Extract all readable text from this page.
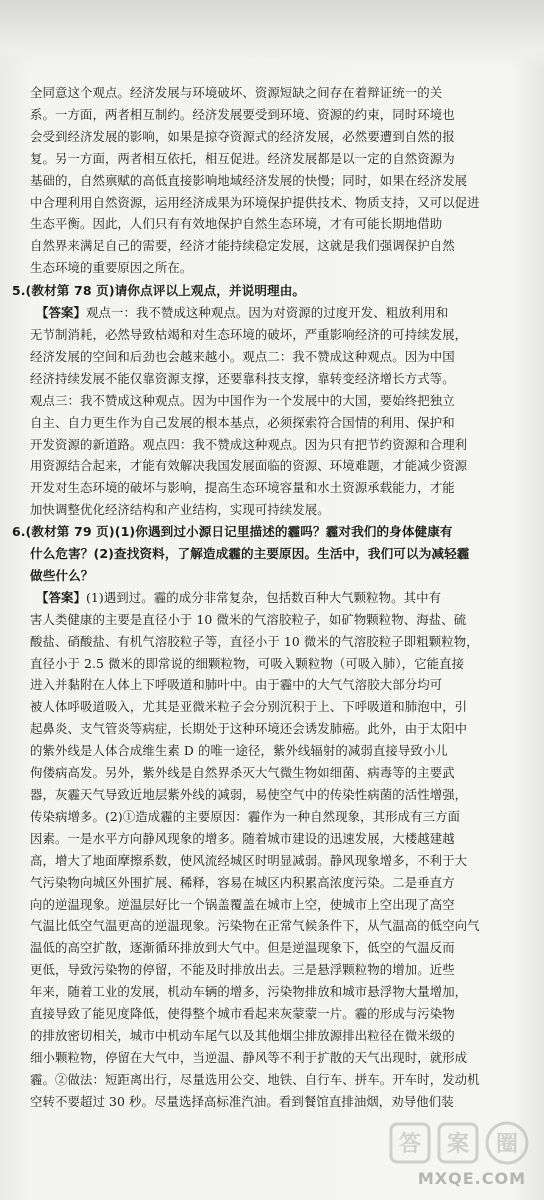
全同意这个观点。经济发展与环境破坏、资源短缺之间存在着辩证统一的关
系。一方面，两者相互制约。经济发展要受到环境、资源的约束，同时环境也
会受到经济发展的影响，如果是掠夺资源式的经济发展，必然要遭到自然的报
复。另一方面，两者相互依托，相互促进。经济发展都是以一定的自然资源为
基础的，自然禀赋的高低直接影响地域经济发展的快慢；同时，如果在经济发展
中合理利用自然资源，运用经济成果为环境保护提供技术、物质支持，又可以促进
生态平衡。因此，人们只有有效地保护自然生态环境，才有可能长期地借助
自然界来满足自己的需要，经济才能持续稳定发展，这就是我们强调保护自然
生态环境的重要原因之所在。
5.(教材第 78 页)请你点评以上观点，并说明理由。
【答案】观点一：我不赞成这种观点。因为对资源的过度开发、粗放利用和
无节制消耗，必然导致枯竭和对生态环境的破坏，严重影响经济的可持续发展，
经济发展的空间和后劲也会越来越小。观点二：我不赞成这种观点。因为中国
经济持续发展不能仅靠资源支撑，还要靠科技支撑，靠转变经济增长方式等。
观点三：我不赞成这种观点。因为中国作为一个发展中的大国，要始终把独立
自主、自力更生作为自己发展的根本基点，必须探索符合国情的利用、保护和
开发资源的新道路。观点四：我不赞成这种观点。因为只有把节约资源和合理利
用资源结合起来，才能有效解决我国发展面临的资源、环境难题，才能减少资源
开发对生态环境的破坏与影响，提高生态环境容量和水土资源承载能力，才能
加快调整优化经济结构和产业结构，实现可持续发展。
6.(教材第 79 页)(1)你遇到过小源日记里描述的霾吗？霾对我们的身体健康有
什么危害？(2)查找资料，了解造成霾的主要原因。生活中，我们可以为减轻霾
做些什么？
【答案】(1)遇到过。霾的成分非常复杂，包括数百种大气颗粒物。其中有
害人类健康的主要是直径小于 10 微米的气溶胶粒子，如矿物颗粒物、海盐、硫
酸盐、硝酸盐、有机气溶胶粒子等，直径小于 10 微米的气溶胶粒子即粗颗粒物，
直径小于 2.5 微米的即常说的细颗粒物，可吸入颗粒物（可吸入肺），它能直接
进入并黏附在人体上下呼吸道和肺叶中。由于霾中的大气气溶胶大部分均可
被人体呼吸道吸入，尤其是亚微米粒子会分别沉积于上、下呼吸道和肺泡中，引
起鼻炎、支气管炎等病症，长期处于这种环境还会诱发肺癌。此外，由于太阳中
的紫外线是人体合成维生素 D 的唯一途径，紫外线辐射的减弱直接导致小儿
佝偻病高发。另外，紫外线是自然界杀灭大气微生物如细菌、病毒等的主要武
器，灰霾天气导致近地层紫外线的减弱，易使空气中的传染性病菌的活性增强，
传染病增多。(2)①造成霾的主要原因：霾作为一种自然现象，其形成有三方面
因素。一是水平方向静风现象的增多。随着城市建设的迅速发展，大楼越建越
高，增大了地面摩擦系数，使风流经城区时明显减弱。静风现象增多，不利于大
气污染物向城区外围扩展、稀释，容易在城区内积累高浓度污染。二是垂直方
向的逆温现象。逆温层好比一个锅盖覆盖在城市上空，使城市上空出现了高空
气温比低空气温更高的逆温现象。污染物在正常气候条件下，从气温高的低空向气
温低的高空扩散，逐渐循环排放到大气中。但是逆温现象下，低空的气温反而
更低，导致污染物的停留，不能及时排放出去。三是悬浮颗粒物的增加。近些
年来，随着工业的发展，机动车辆的增多，污染物排放和城市悬浮物大量增加，
直接导致了能见度降低，使得整个城市看起来灰蒙蒙一片。霾的形成与污染物
的排放密切相关，城市中机动车尾气以及其他烟尘排放源排出粒径在微米级的
细小颗粒物，停留在大气中，当逆温、静风等不利于扩散的天气出现时，就形成
霾。②做法：短距离出行，尽量选用公交、地铁、自行车、拼车。开车时，发动机
空转不要超过 30 秒。尽量选择高标准汽油。看到餐馆直排油烟，劝导他们装
答 案 圈
MXQE.COM
